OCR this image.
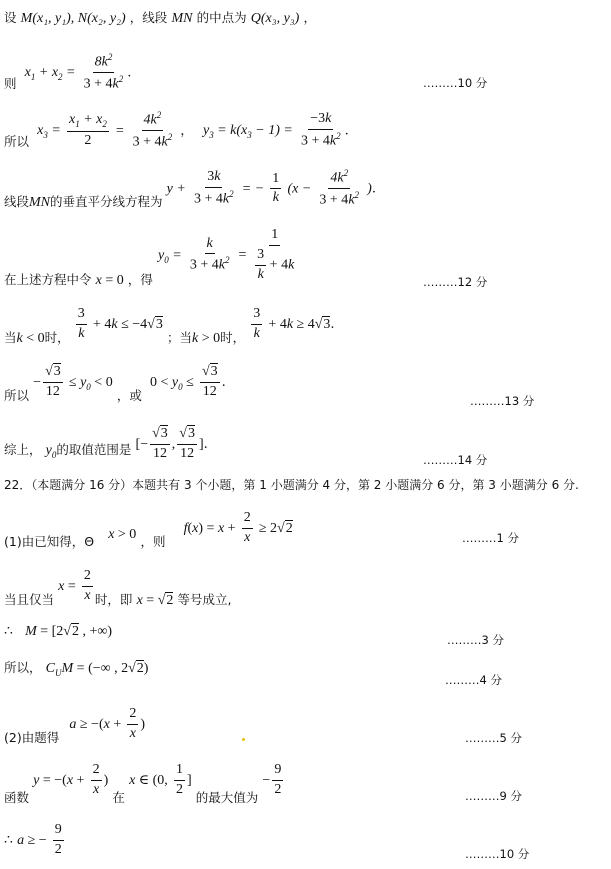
设 M(x₁, y₁), N(x₂, y₂) ，线段 MN 的中点为 Q(x₃, y₃) ，
则 $x_1 + x_2 = \frac{8k^2}{3 + 4k^2}$ .
………10 分
所以 $x_3 = \frac{x_1 + x_2}{2} = \frac{4k^2}{3 + 4k^2}$ ， $y_3 = k(x_3 - 1) = \frac{-3k}{3 + 4k^2}$ .
线段MN的垂直平分线方程为 $y + \frac{3k}{3 + 4k^2}$ = − $\frac{1}{k} (x - \frac{4k^2}{3 + 4k^2}$ ).
$y_0 = \frac{k}{3 + 4k^2} = \frac{1}{\frac{3}{k} + 4k}$
在上述方程中令 x = 0 ，得	………12 分
当k < 0时， $\frac{3}{k} + 4k \le -4√3$ ；当k > 0时， $\frac{3}{k} + 4k \ge 4√3$.
所以 − $\frac{√3}{12} \le y_0 < 0$ ，或 $0 < y_0 \le \frac{√3}{12}$ .
………13 分
综上， $y_0$的取值范围是 [− $\frac{√3}{12}$ , $\frac{√3}{12}$ ].
………14 分
22．（本题满分 16 分）本题共有 3 个小题，第 1 小题满分 4 分，第 2 小题满分 6 分，第 3 小题满分 6 分.
(1)由已知得，Θ x > 0 ，则 $f(x) = x + \frac{2}{x} \ge 2√2$
………1 分
当且仅当 $x = \frac{2}{x}$ 时，即 x = √2 等号成立,
∴ M = [2√2 , +∞)
………3 分
所以， $C_UM$ = (−∞ , 2√2)
………4 分
(2)由题得 $a \ge -(x + \frac{2}{x}$ )
………5 分
函数 $y = -(x + \frac{2}{x}$ ) 在 x ∈ (0, $\frac{1}{2}$ ] 的最大值为 − $\frac{9}{2}$	………9 分
∴ a ≥ − $\frac{9}{2}$	………10 分
